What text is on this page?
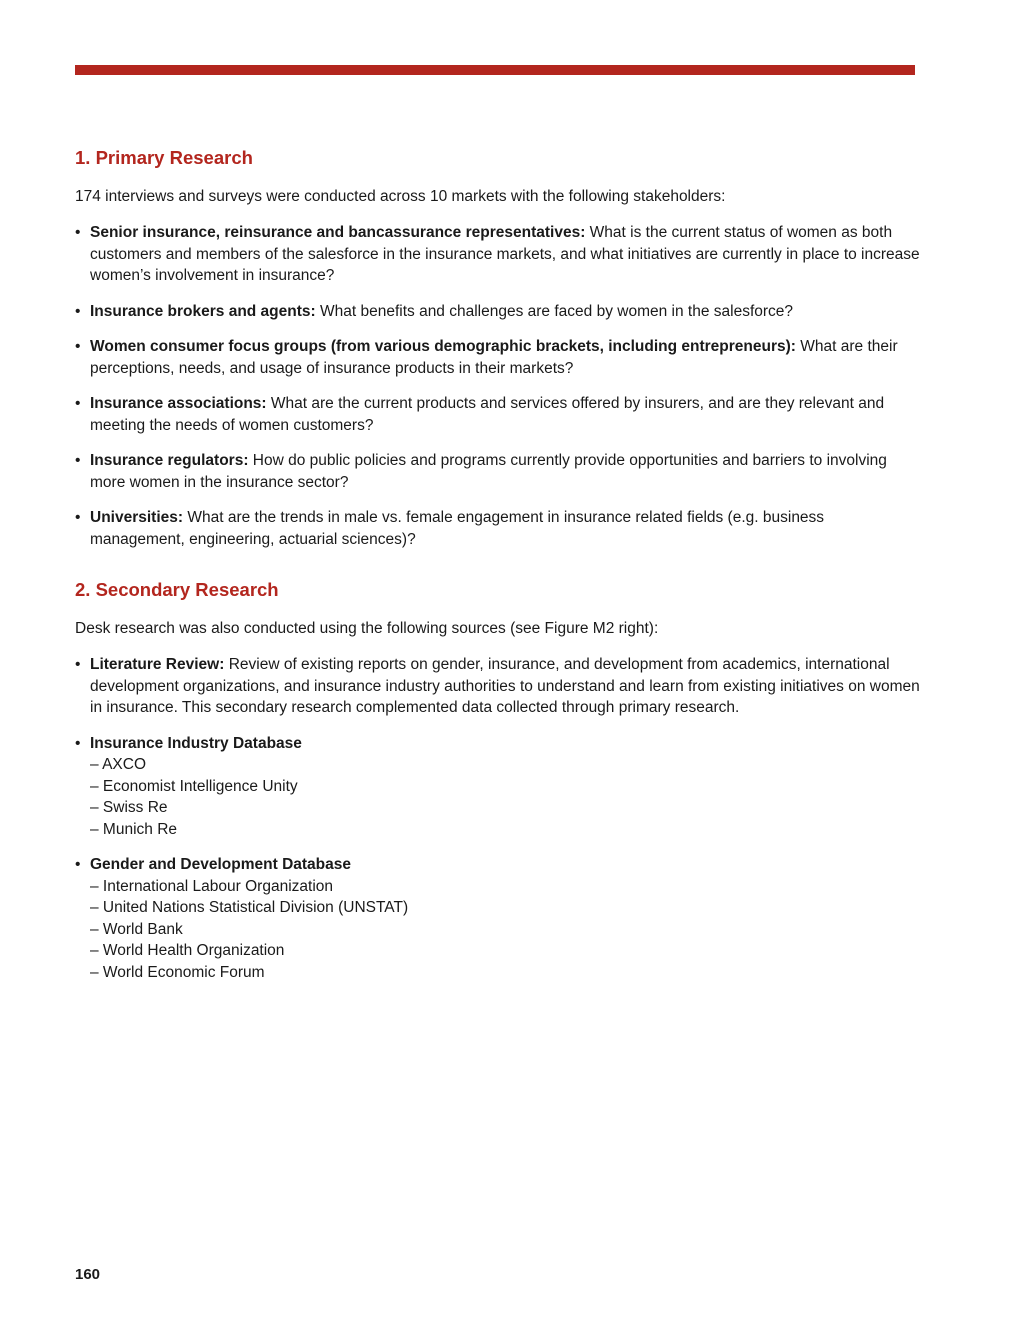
1. Primary Research

174 interviews and surveys were conducted across 10 markets with the following stakeholders:

• Senior insurance, reinsurance and bancassurance representatives: What is the current status of women as both customers and members of the salesforce in the insurance markets, and what initiatives are currently in place to increase women’s involvement in insurance?
• Insurance brokers and agents: What benefits and challenges are faced by women in the salesforce?
• Women consumer focus groups (from various demographic brackets, including entrepreneurs): What are their perceptions, needs, and usage of insurance products in their markets?
• Insurance associations: What are the current products and services offered by insurers, and are they relevant and meeting the needs of women customers?
• Insurance regulators: How do public policies and programs currently provide opportunities and barriers to involving more women in the insurance sector?
• Universities: What are the trends in male vs. female engagement in insurance related fields (e.g. business management, engineering, actuarial sciences)?
2. Secondary Research

Desk research was also conducted using the following sources (see Figure M2 right):

• Literature Review: Review of existing reports on gender, insurance, and development from academics, international development organizations, and insurance industry authorities to understand and learn from existing initiatives on women in insurance. This secondary research complemented data collected through primary research.
• Insurance Industry Database
– AXCO
– Economist Intelligence Unity
– Swiss Re
– Munich Re
• Gender and Development Database
– International Labour Organization
– United Nations Statistical Division (UNSTAT)
– World Bank
– World Health Organization
– World Economic Forum
160
